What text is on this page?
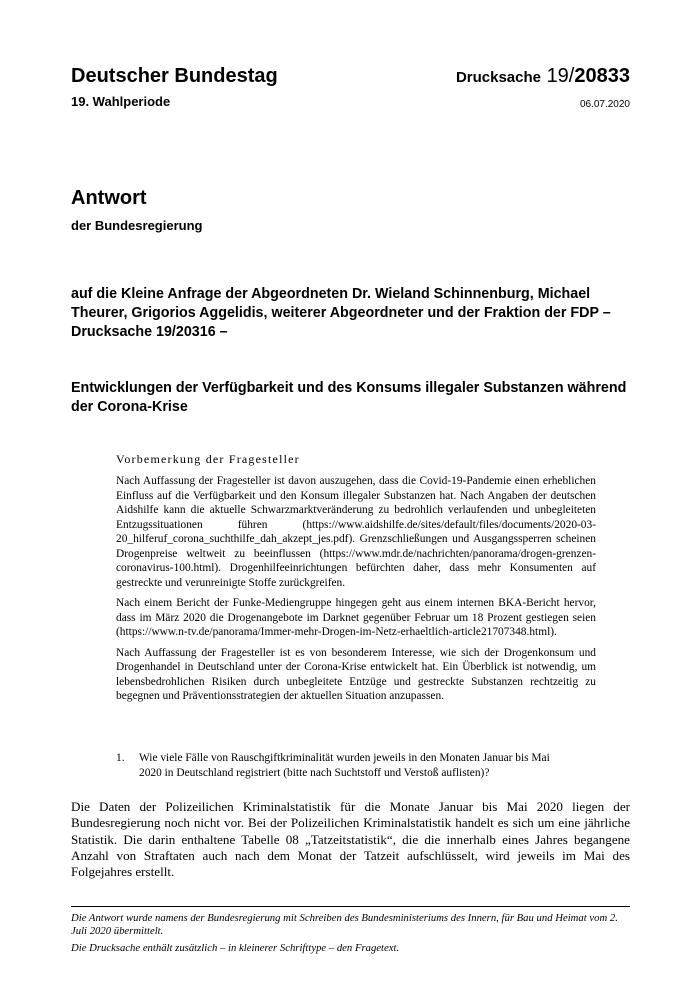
Deutscher Bundestag
19. Wahlperiode
Drucksache 19/20833
06.07.2020
Antwort
der Bundesregierung
auf die Kleine Anfrage der Abgeordneten Dr. Wieland Schinnenburg, Michael Theurer, Grigorios Aggelidis, weiterer Abgeordneter und der Fraktion der FDP – Drucksache 19/20316 –
Entwicklungen der Verfügbarkeit und des Konsums illegaler Substanzen während der Corona-Krise
Vorbemerkung der Fragesteller

Nach Auffassung der Fragesteller ist davon auszugehen, dass die Covid-19-Pandemie einen erheblichen Einfluss auf die Verfügbarkeit und den Konsum illegaler Substanzen hat. Nach Angaben der deutschen Aidshilfe kann die aktuelle Schwarzmarktveränderung zu bedrohlich verlaufenden und unbegleiteten Entzugssituationen führen (https://www.aidshilfe.de/sites/default/files/documents/2020-03-20_hilferuf_corona_suchthilfe_dah_akzept_jes.pdf). Grenzschließungen und Ausgangssperren scheinen Drogenpreise weltweit zu beeinflussen (https://www.mdr.de/nachrichten/panorama/drogen-grenzen-coronavirus-100.html). Drogenhilfeeinrichtungen befürchten daher, dass mehr Konsumenten auf gestreckte und verunreinigte Stoffe zurückgreifen.

Nach einem Bericht der Funke-Mediengruppe hingegen geht aus einem internen BKA-Bericht hervor, dass im März 2020 die Drogenangebote im Darknet gegenüber Februar um 18 Prozent gestiegen seien (https://www.n-tv.de/panorama/Immer-mehr-Drogen-im-Netz-erhaeltlich-article21707348.html).

Nach Auffassung der Fragesteller ist es von besonderem Interesse, wie sich der Drogenkonsum und Drogenhandel in Deutschland unter der Corona-Krise entwickelt hat. Ein Überblick ist notwendig, um lebensbedrohlichen Risiken durch unbegleitete Entzüge und gestreckte Substanzen rechtzeitig zu begegnen und Präventionsstrategien der aktuellen Situation anzupassen.

1.	Wie viele Fälle von Rauschgiftkriminalität wurden jeweils in den Monaten Januar bis Mai 2020 in Deutschland registriert (bitte nach Suchtstoff und Verstoß auflisten)?
Die Daten der Polizeilichen Kriminalstatistik für die Monate Januar bis Mai 2020 liegen der Bundesregierung noch nicht vor. Bei der Polizeilichen Kriminalstatistik handelt es sich um eine jährliche Statistik. Die darin enthaltene Tabelle 08 „Tatzeitstatistik“, die die innerhalb eines Jahres begangene Anzahl von Straftaten auch nach dem Monat der Tatzeit aufschlüsselt, wird jeweils im Mai des Folgejahres erstellt.

Die Antwort wurde namens der Bundesregierung mit Schreiben des Bundesministeriums des Innern, für Bau und Heimat vom 2. Juli 2020 übermittelt.

Die Drucksache enthält zusätzlich – in kleinerer Schrifttype – den Fragetext.
